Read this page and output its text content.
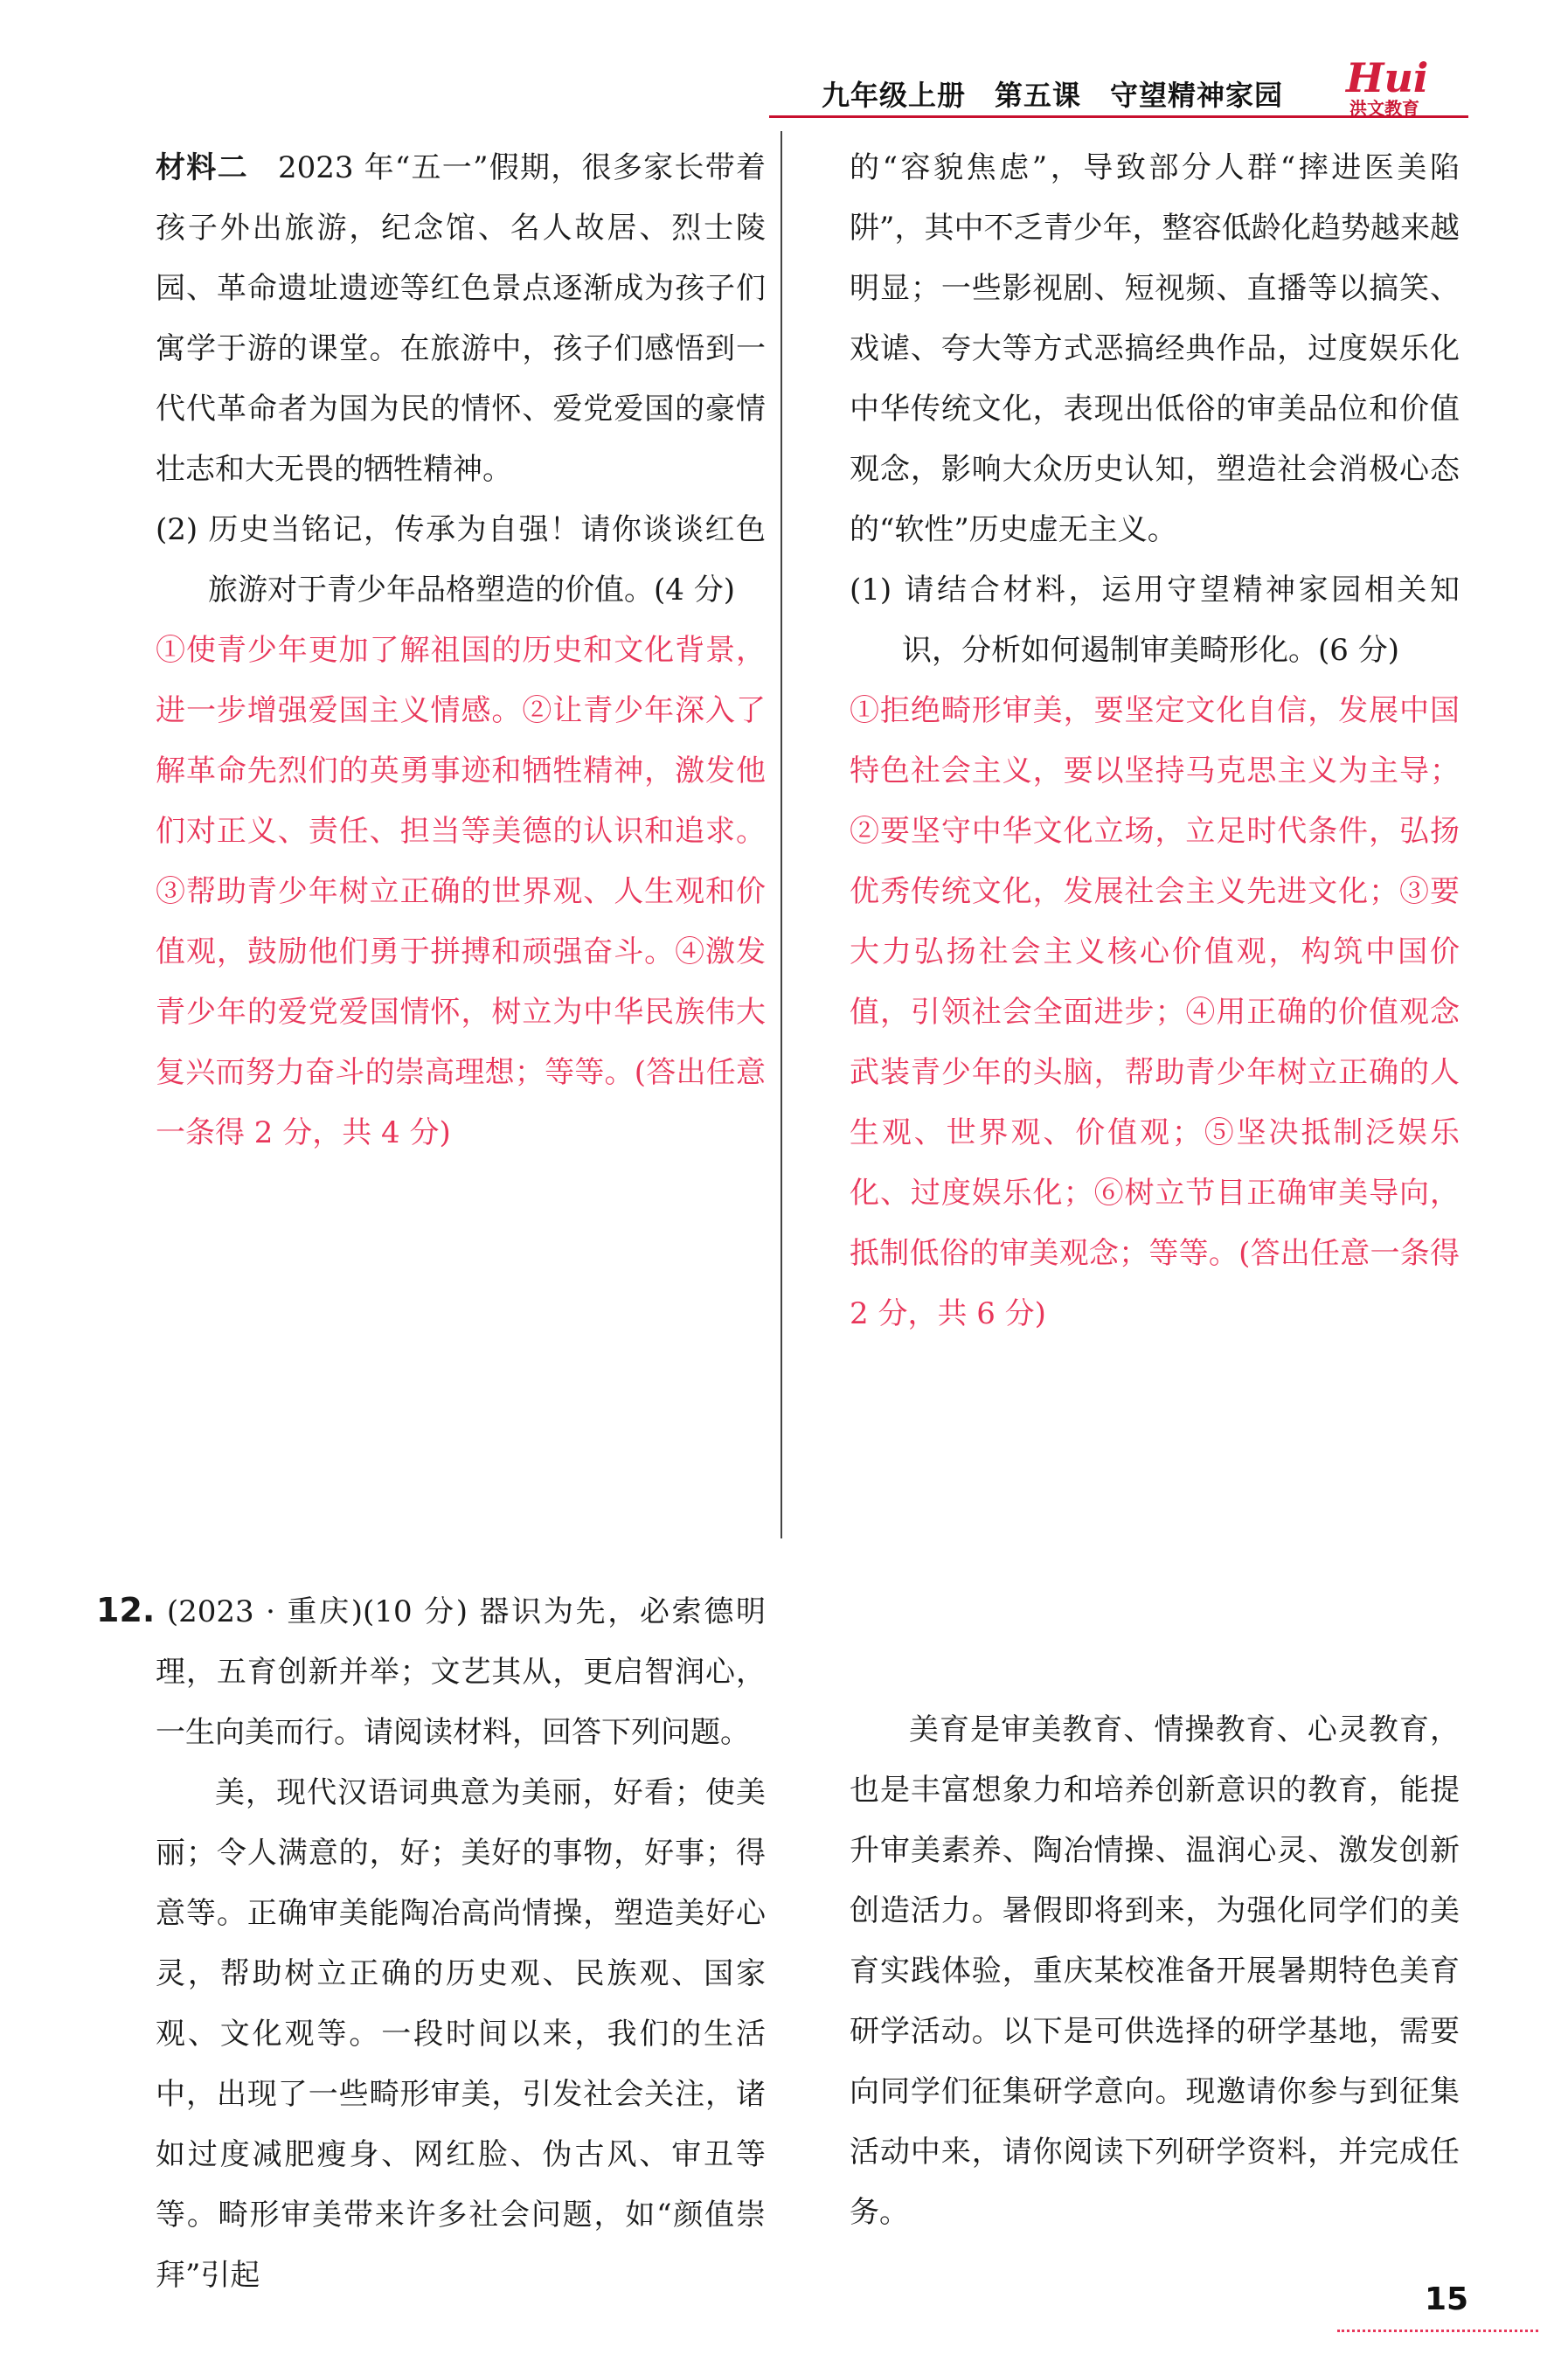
九年级上册　第五课　守望精神家园 Hui
洪文教育

材料二 2023 年“五一”假期，很多家长带着孩子外出旅游，纪念馆、名人故居、烈士陵园、革命遗址遗迹等红色景点逐渐成为孩子们寓学于游的课堂。在旅游中，孩子们感悟到一代代革命者为国为民的情怀、爱党爱国的豪情壮志和大无畏的牺牲精神。

(2) 历史当铭记，传承为自强！请你谈谈红色旅游对于青少年品格塑造的价值。(4 分)

①使青少年更加了解祖国的历史和文化背景，进一步增强爱国主义情感。②让青少年深入了解革命先烈们的英勇事迹和牺牲精神，激发他们对正义、责任、担当等美德的认识和追求。③帮助青少年树立正确的世界观、人生观和价值观，鼓励他们勇于拼搏和顽强奋斗。④激发青少年的爱党爱国情怀，树立为中华民族伟大复兴而努力奋斗的崇高理想；等等。(答出任意一条得 2 分，共 4 分)

的“容貌焦虑”，导致部分人群“摔进医美陷阱”，其中不乏青少年，整容低龄化趋势越来越明显；一些影视剧、短视频、直播等以搞笑、戏谑、夸大等方式恶搞经典作品，过度娱乐化中华传统文化，表现出低俗的审美品位和价值观念，影响大众历史认知，塑造社会消极心态的“软性”历史虚无主义。

(1) 请结合材料，运用守望精神家园相关知识，分析如何遏制审美畸形化。(6 分)

①拒绝畸形审美，要坚定文化自信，发展中国特色社会主义，要以坚持马克思主义为主导；②要坚守中华文化立场，立足时代条件，弘扬优秀传统文化，发展社会主义先进文化；③要大力弘扬社会主义核心价值观，构筑中国价值，引领社会全面进步；④用正确的价值观念武装青少年的头脑，帮助青少年树立正确的人生观、世界观、价值观；⑤坚决抵制泛娱乐化、过度娱乐化；⑥树立节目正确审美导向，抵制低俗的审美观念；等等。(答出任意一条得 2 分，共 6 分)

12. (2023 · 重庆)(10 分) 器识为先，必索德明理，五育创新并举；文艺其从，更启智润心，一生向美而行。请阅读材料，回答下列问题。

美，现代汉语词典意为美丽，好看；使美丽；令人满意的，好；美好的事物，好事；得意等。正确审美能陶冶高尚情操，塑造美好心灵，帮助树立正确的历史观、民族观、国家观、文化观等。一段时间以来，我们的生活中，出现了一些畸形审美，引发社会关注，诸如过度减肥瘦身、网红脸、伪古风、审丑等等。畸形审美带来许多社会问题，如“颜值崇拜”引起

美育是审美教育、情操教育、心灵教育，也是丰富想象力和培养创新意识的教育，能提升审美素养、陶冶情操、温润心灵、激发创新创造活力。暑假即将到来，为强化同学们的美育实践体验，重庆某校准备开展暑期特色美育研学活动。以下是可供选择的研学基地，需要向同学们征集研学意向。现邀请你参与到征集活动中来，请你阅读下列研学资料，并完成任务。

15
